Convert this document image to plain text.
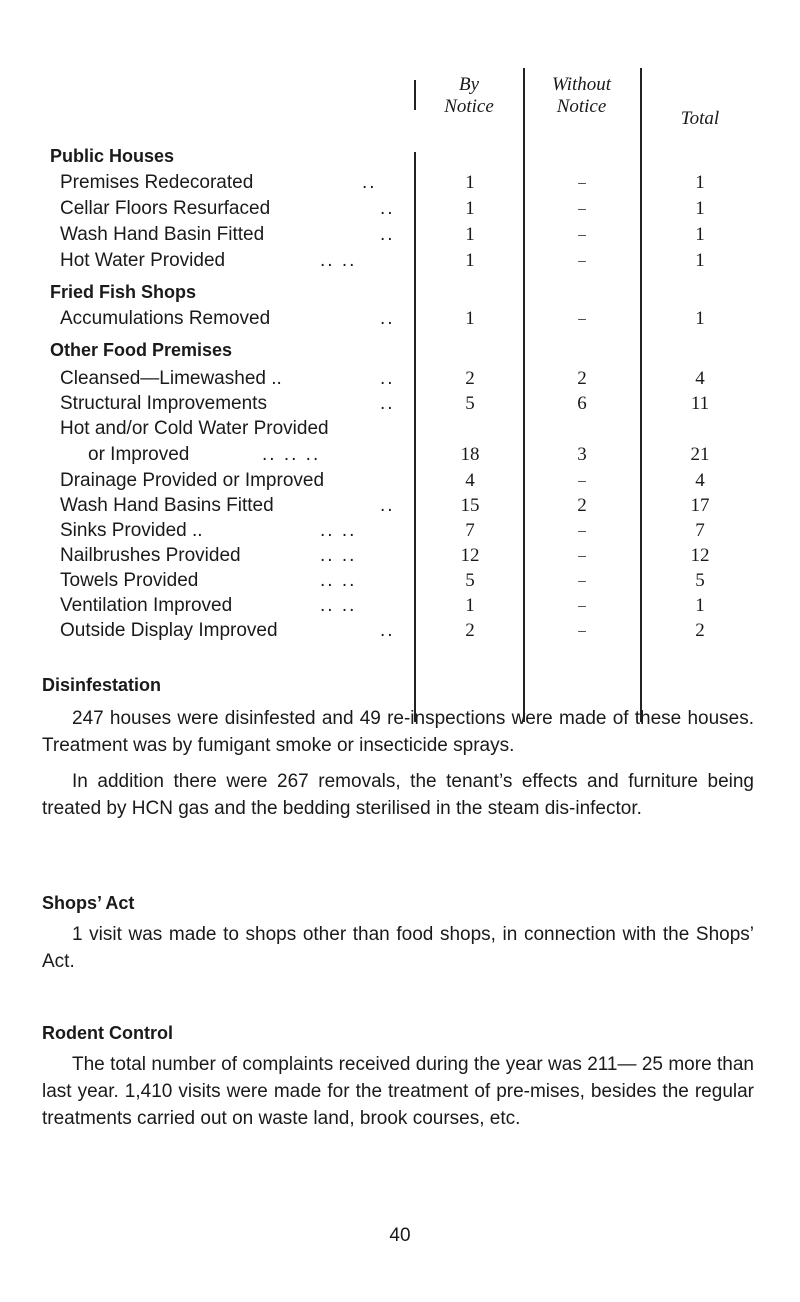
By
Notice
Without
Notice
Total
Public Houses
Premises Redecorated	..	1	–	1
Cellar Floors Resurfaced	..	1	–	1
Wash Hand Basin Fitted	..	1	–	1
Hot Water Provided	.. ..	1	–	1
Fried Fish Shops
Accumulations Removed	..	1	–	1
Other Food Premises
Cleansed—Limewashed ..	..	2	2	4
Structural Improvements	..	5	6	11
Hot and/or Cold Water Provided
or Improved	.. .. ..	18	3	21
Drainage Provided or Improved	4	–	4
Wash Hand Basins Fitted	..	15	2	17
Sinks Provided ..	.. ..	7	–	7
Nailbrushes Provided	.. ..	12	–	12
Towels Provided	.. ..	5	–	5
Ventilation Improved	.. ..	1	–	1
Outside Display Improved	..	2	–	2
Disinfestation
247 houses were disinfested and 49 re-inspections were made of these houses. Treatment was by fumigant smoke or insecticide sprays.
In addition there were 267 removals, the tenant’s effects and furniture being treated by HCN gas and the bedding sterilised in the steam dis-infector.
Shops’ Act
1 visit was made to shops other than food shops, in connection with the Shops’ Act.
Rodent Control
The total number of complaints received during the year was 211— 25 more than last year. 1,410 visits were made for the treatment of pre-mises, besides the regular treatments carried out on waste land, brook courses, etc.
40
